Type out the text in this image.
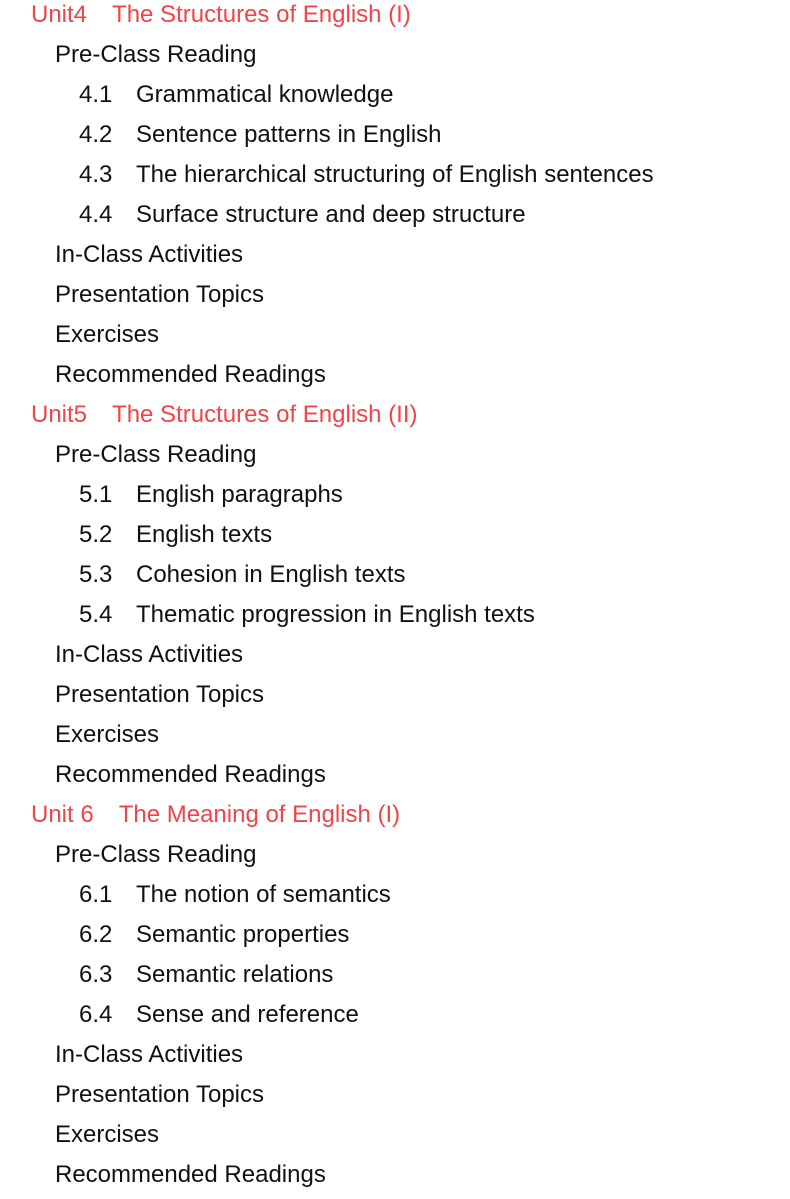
Unit4 The Structures of English (I)
Pre-Class Reading
4.1 Grammatical knowledge
4.2 Sentence patterns in English
4.3 The hierarchical structuring of English sentences
4.4 Surface structure and deep structure
In-Class Activities
Presentation Topics
Exercises
Recommended Readings
Unit5 The Structures of English (II)
Pre-Class Reading
5.1 English paragraphs
5.2 English texts
5.3 Cohesion in English texts
5.4 Thematic progression in English texts
In-Class Activities
Presentation Topics
Exercises
Recommended Readings
Unit 6 The Meaning of English (I)
Pre-Class Reading
6.1 The notion of semantics
6.2 Semantic properties
6.3 Semantic relations
6.4 Sense and reference
In-Class Activities
Presentation Topics
Exercises
Recommended Readings
